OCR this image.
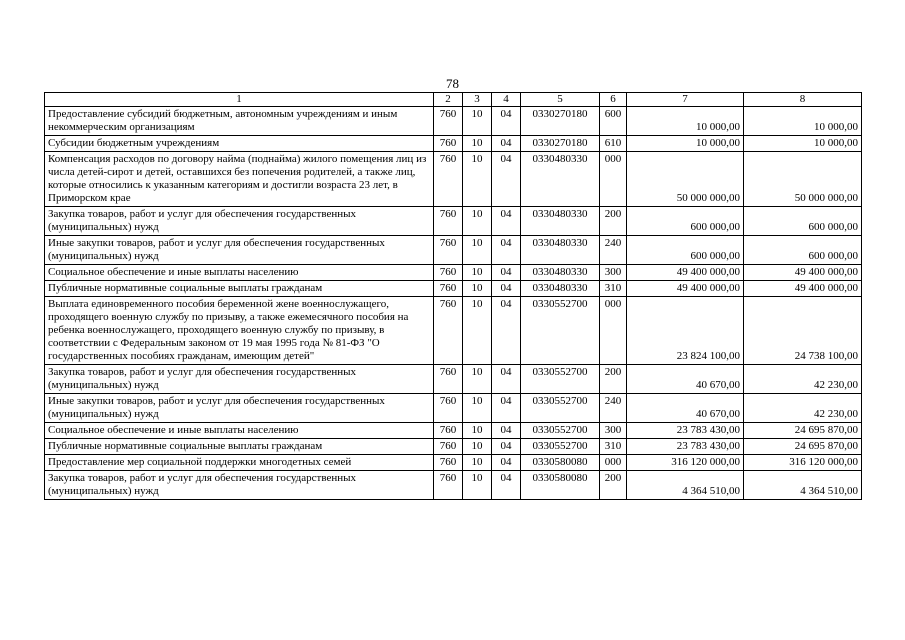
78
1	2	3	4	5	6	7	8
Предоставление субсидий бюджетным, автономным учреждениям и иным некоммерческим организациям	760	10	04	0330270180	600	10 000,00	10 000,00
Субсидии бюджетным учреждениям	760	10	04	0330270180	610	10 000,00	10 000,00
Компенсация расходов по договору найма (поднайма) жилого помещения лиц из числа детей-сирот и детей, оставшихся без попечения родителей, а также лиц, которые относились к указанным категориям и достигли возраста 23 лет, в Приморском крае	760	10	04	0330480330	000	50 000 000,00	50 000 000,00
Закупка товаров, работ и услуг для обеспечения государственных (муниципальных) нужд	760	10	04	0330480330	200	600 000,00	600 000,00
Иные закупки товаров, работ и услуг для обеспечения государственных (муниципальных) нужд	760	10	04	0330480330	240	600 000,00	600 000,00
Социальное обеспечение и иные выплаты населению	760	10	04	0330480330	300	49 400 000,00	49 400 000,00
Публичные нормативные социальные выплаты гражданам	760	10	04	0330480330	310	49 400 000,00	49 400 000,00
Выплата единовременного пособия беременной жене военнослужащего, проходящего военную службу по призыву, а также ежемесячного пособия на ребенка военнослужащего, проходящего военную службу по призыву, в соответствии с Федеральным законом от 19 мая 1995 года № 81-ФЗ "О государственных пособиях гражданам, имеющим детей"	760	10	04	0330552700	000	23 824 100,00	24 738 100,00
Закупка товаров, работ и услуг для обеспечения государственных (муниципальных) нужд	760	10	04	0330552700	200	40 670,00	42 230,00
Иные закупки товаров, работ и услуг для обеспечения государственных (муниципальных) нужд	760	10	04	0330552700	240	40 670,00	42 230,00
Социальное обеспечение и иные выплаты населению	760	10	04	0330552700	300	23 783 430,00	24 695 870,00
Публичные нормативные социальные выплаты гражданам	760	10	04	0330552700	310	23 783 430,00	24 695 870,00
Предоставление мер социальной поддержки многодетных семей	760	10	04	0330580080	000	316 120 000,00	316 120 000,00
Закупка товаров, работ и услуг для обеспечения государственных (муниципальных) нужд	760	10	04	0330580080	200	4 364 510,00	4 364 510,00
